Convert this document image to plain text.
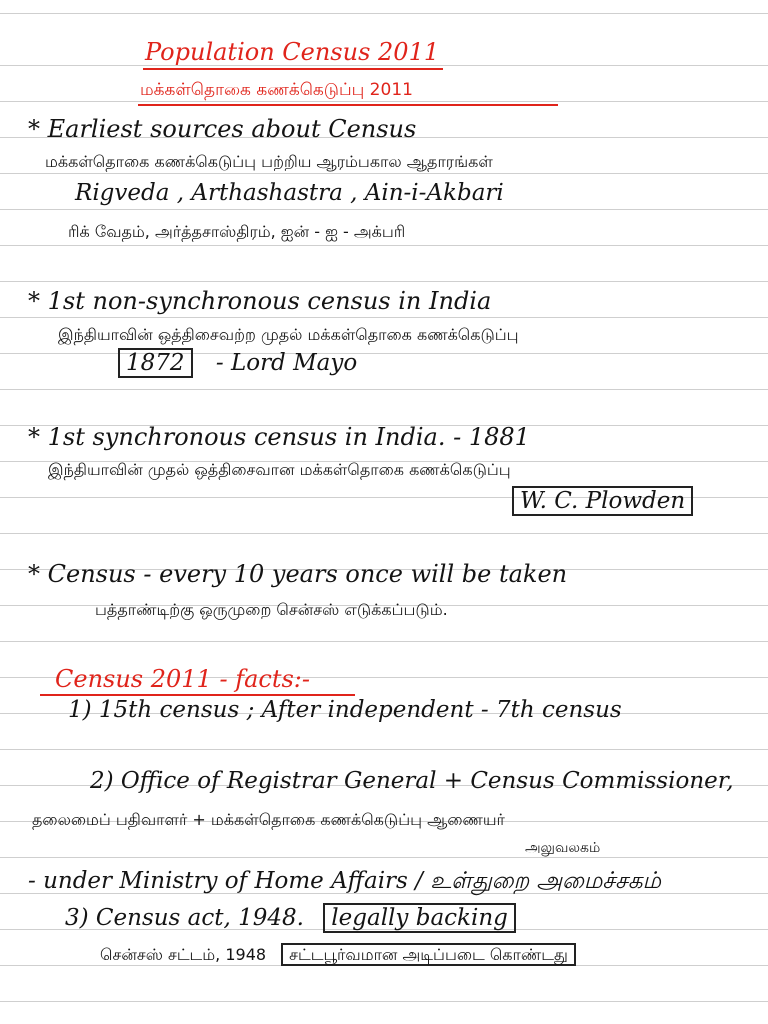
Population Census 2011
மக்கள்தொகை கணக்கெடுப்பு 2011
* Earliest sources about Census
மக்கள்தொகை கணக்கெடுப்பு பற்றிய ஆரம்பகால ஆதாரங்கள்
Rigveda , Arthashastra , Ain-i-Akbari
ரிக் வேதம், அர்த்தசாஸ்திரம், ஐன் - ஐ - அக்பரி
* 1st non-synchronous census in India
இந்தியாவின் ஒத்திசைவற்ற முதல் மக்கள்தொகை கணக்கெடுப்பு
1872 - Lord Mayo
* 1st synchronous census in India. - 1881
இந்தியாவின் முதல் ஒத்திசைவான மக்கள்தொகை கணக்கெடுப்பு
W. C. Plowden
* Census - every 10 years once will be taken
பத்தாண்டிற்கு ஒருமுறை சென்சஸ் எடுக்கப்படும்.
Census 2011 - facts:-
1) 15th census ; After independent - 7th census
2) Office of Registrar General + Census Commissioner,
தலைமைப் பதிவாளர் + மக்கள்தொகை கணக்கெடுப்பு ஆணையர்
அலுவலகம்
- under Ministry of Home Affairs / உள்துறை அமைச்சகம்
3) Census act, 1948. legally backing
சென்சஸ் சட்டம், 1948 சட்டபூர்வமான அடிப்படை கொண்டது
